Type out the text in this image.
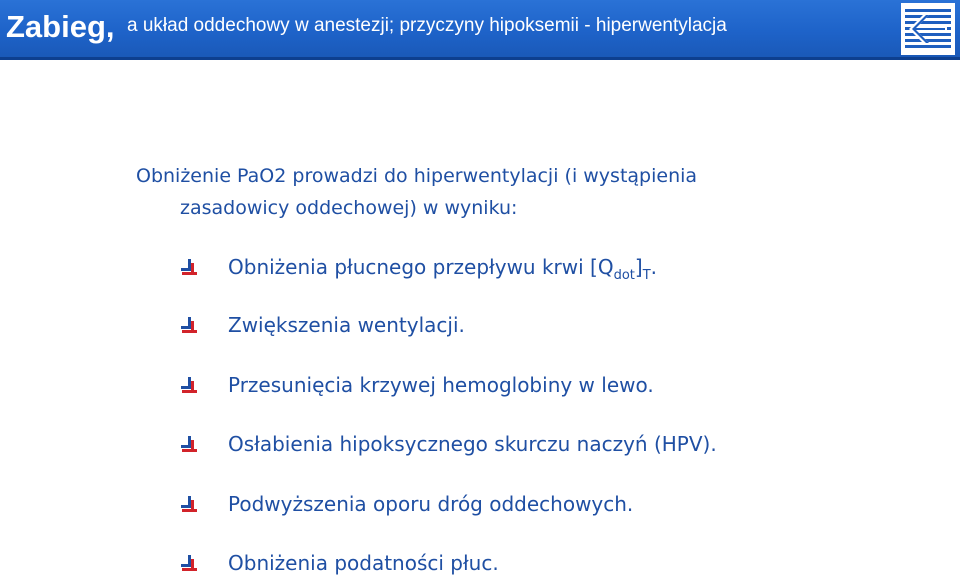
Zabieg, a układ oddechowy w anestezji; przyczyny hipoksemii - hiperwentylacja
Obniżenie PaO2 prowadzi do hiperwentylacji (i wystąpienia
zasadowicy oddechowej) w wyniku:
Obniżenia płucnego przepływu krwi $[Q_{dot}]_T$.
Zwiększenia wentylacji.
Przesunięcia krzywej hemoglobiny w lewo.
Osłabienia hipoksycznego skurczu naczyń (HPV).
Podwyższenia oporu dróg oddechowych.
Obniżenia podatności płuc.
